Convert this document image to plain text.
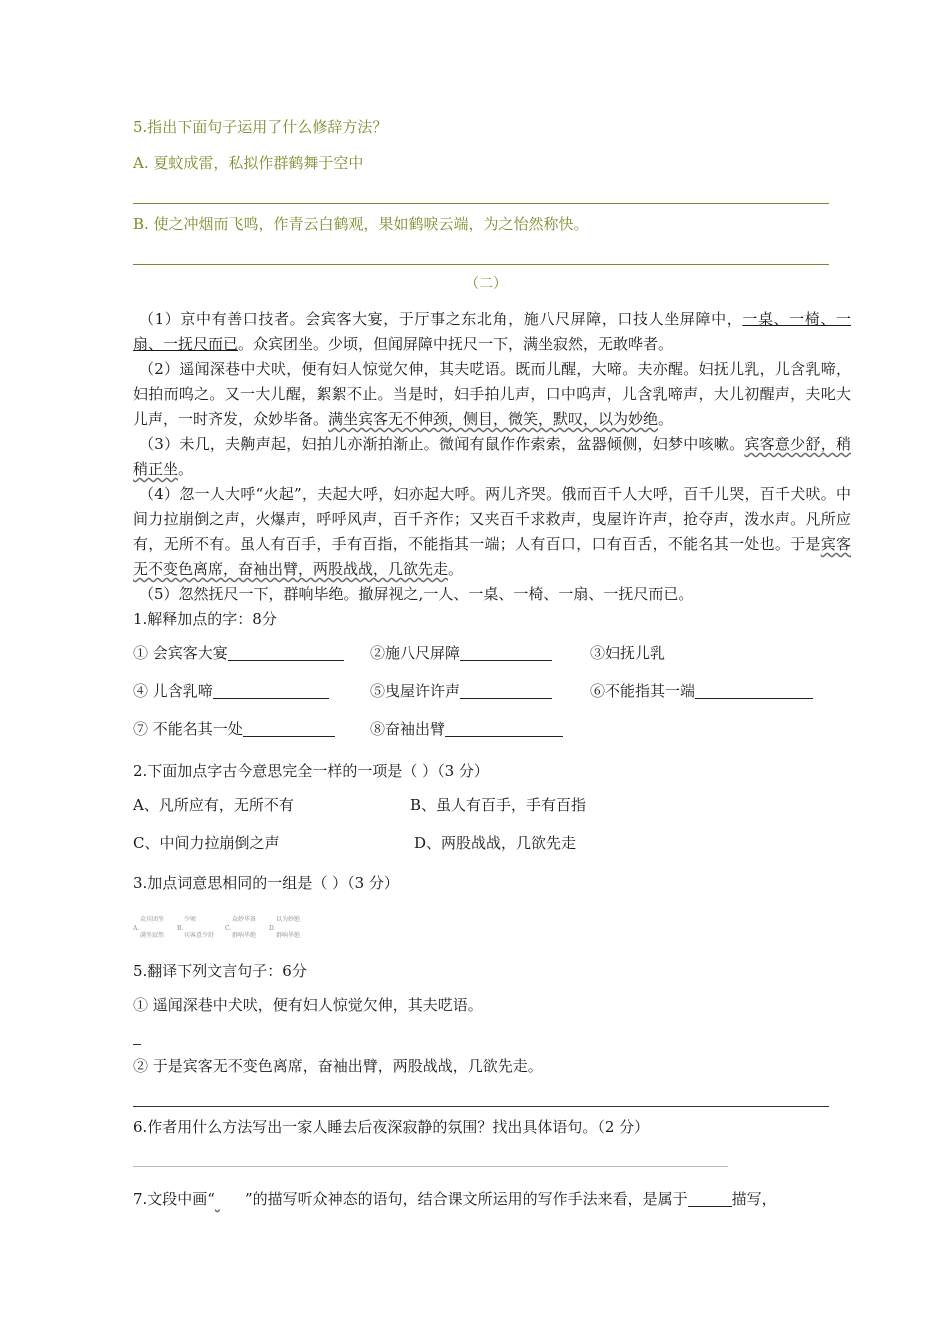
5.指出下面句子运用了什么修辞方法？
A. 夏蚊成雷，私拟作群鹤舞于空中
B. 使之冲烟而飞鸣，作青云白鹤观，果如鹤唳云端，为之怡然称快。
（二）
（1）京中有善口技者。会宾客大宴，于厅事之东北角，施八尺屏障，口技人坐屏障中，一桌、一椅、一扇、一抚尺而已。众宾团坐。少顷，但闻屏障中抚尺一下，满坐寂然，无敢哗者。
（2）遥闻深巷中犬吠，便有妇人惊觉欠伸，其夫呓语。既而儿醒，大啼。夫亦醒。妇抚儿乳，儿含乳啼，妇拍而呜之。又一大儿醒，絮絮不止。当是时，妇手拍儿声，口中呜声，儿含乳啼声，大儿初醒声，夫叱大儿声，一时齐发，众妙毕备。满坐宾客无不伸颈，侧目，微笑，默叹，以为妙绝。
（3）未几，夫齁声起，妇拍儿亦渐拍渐止。微闻有鼠作作索索，盆器倾侧，妇梦中咳嗽。宾客意少舒，稍稍正坐。
（4）忽一人大呼“火起”，夫起大呼，妇亦起大呼。两儿齐哭。俄而百千人大呼，百千儿哭，百千犬吠。中间力拉崩倒之声，火爆声，呼呼风声，百千齐作；又夹百千求救声，曳屋许许声，抢夺声，泼水声。凡所应有，无所不有。虽人有百手，手有百指，不能指其一端；人有百口，口有百舌，不能名其一处也。于是宾客无不变色离席，奋袖出臂，两股战战，几欲先走。
（5）忽然抚尺一下，群响毕绝。撤屏视之,一人、一桌、一椅、一扇、一抚尺而已。
1.解释加点的字：8分
① 会宾客大宴	②施八尺屏障	③妇抚儿乳
④ 儿含乳啼	⑤曳屋许许声	⑥不能指其一端
⑦ 不能名其一处	⑧奋袖出臂
2.下面加点字古今意思完全一样的一项是（ ）（3 分）
A、凡所应有，无所不有	B、虽人有百手，手有百指
C、中间力拉崩倒之声	D、两股战战，几欲先走
3.加点词意思相同的一组是（ ）（3 分）
A.
众宾团坐
满坐寂然
B.
少顷
宾客意少舒
C.
众妙毕备
群响毕绝
D.
以为妙绝
群响毕绝
5.翻译下列文言句子：6分
① 遥闻深巷中犬吠，便有妇人惊觉欠伸，其夫呓语。
② 于是宾客无不变色离席，奋袖出臂，两股战战，几欲先走。
6.作者用什么方法写出一家人睡去后夜深寂静的氛围？找出具体语句。（2 分）
7.文段中画“ ”的描写听众神态的语句，结合课文所运用的写作手法来看，是属于	描写，
